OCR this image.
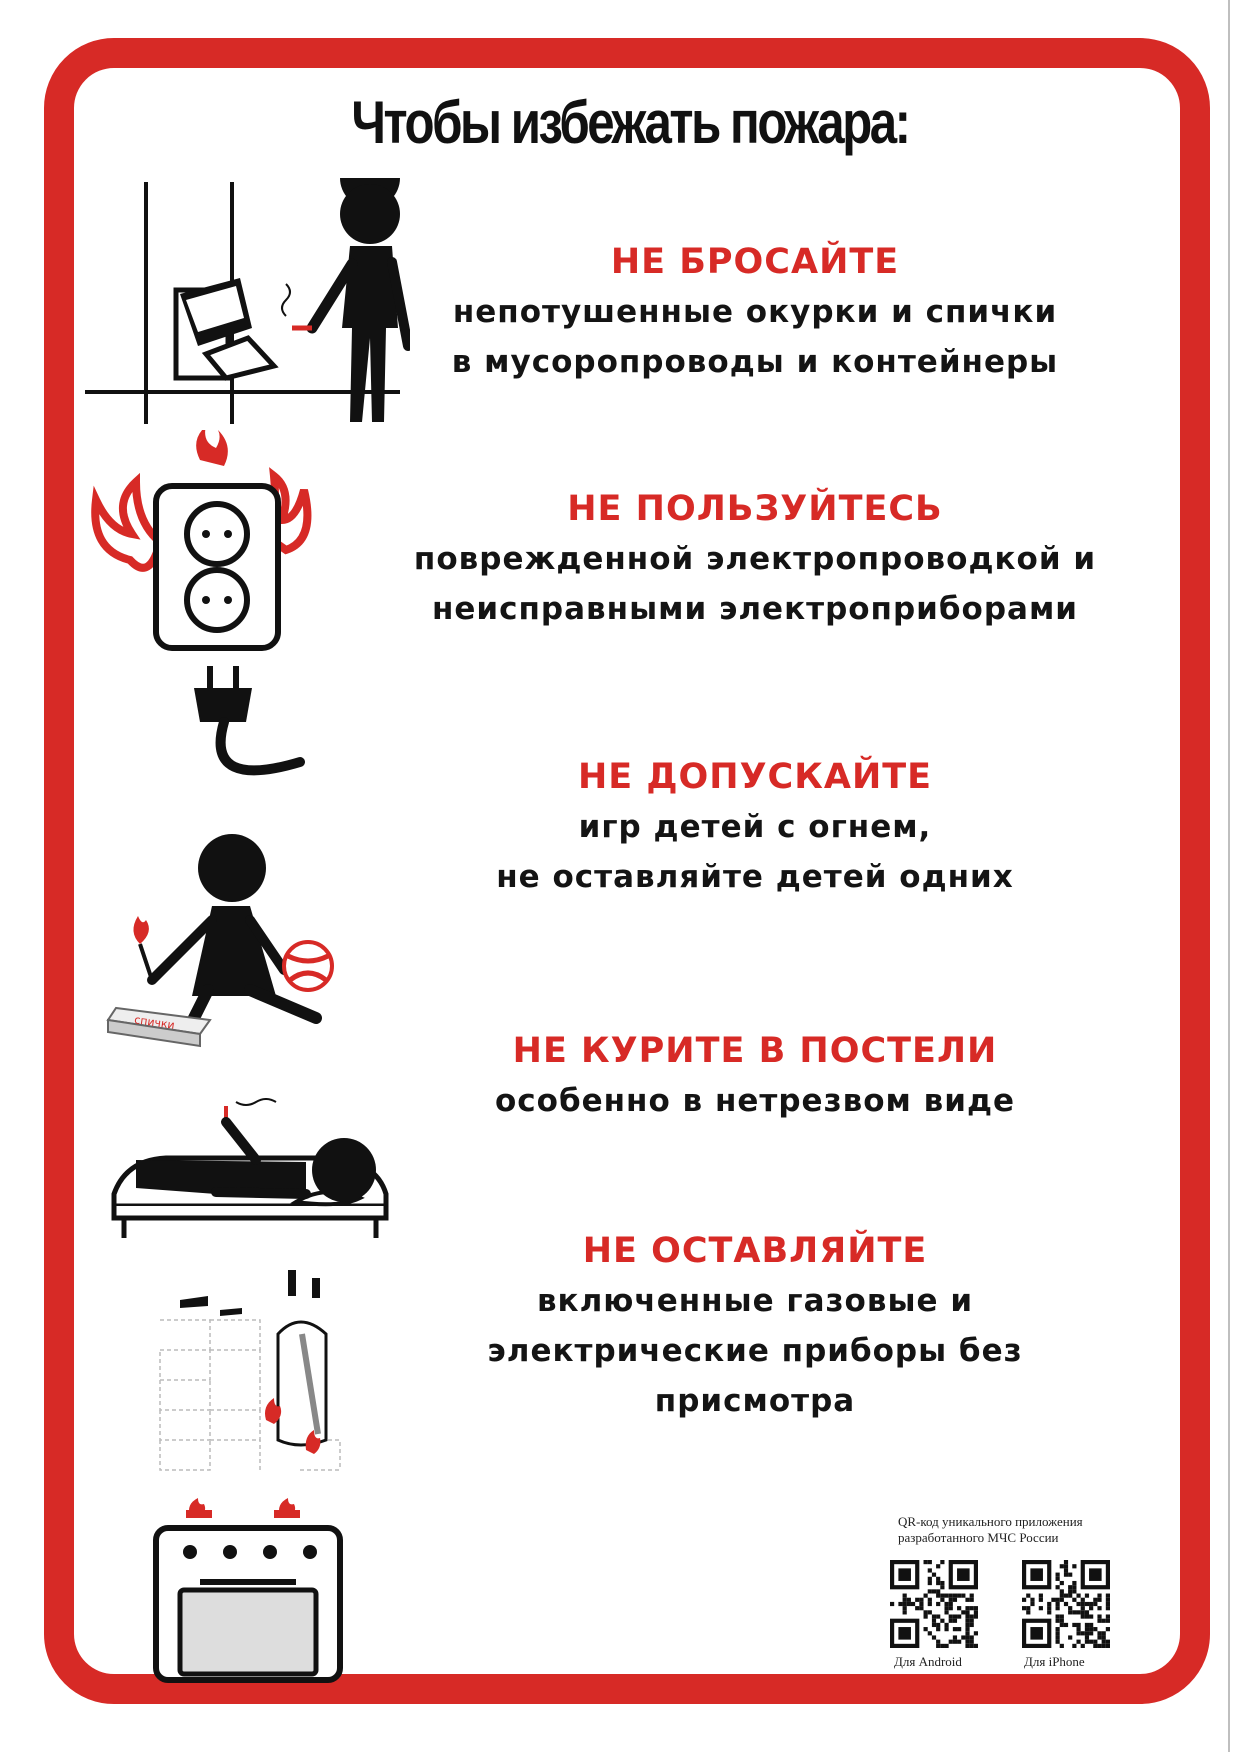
Чтобы избежать пожара:
НЕ БРОСАЙТЕ
непотушенные окурки и спички
в мусоропроводы и контейнеры
НЕ ПОЛЬЗУЙТЕСЬ
поврежденной электропроводкой и
неисправными электроприборами
НЕ ДОПУСКАЙТЕ
игр детей с огнем,
не оставляйте детей одних
НЕ КУРИТЕ В ПОСТЕЛИ
особенно в нетрезвом виде
НЕ ОСТАВЛЯЙТЕ
включенные газовые и
электрические приборы без
присмотра
спички
QR-код уникального приложения
разработанного МЧС России
Для Android	Для iPhone
